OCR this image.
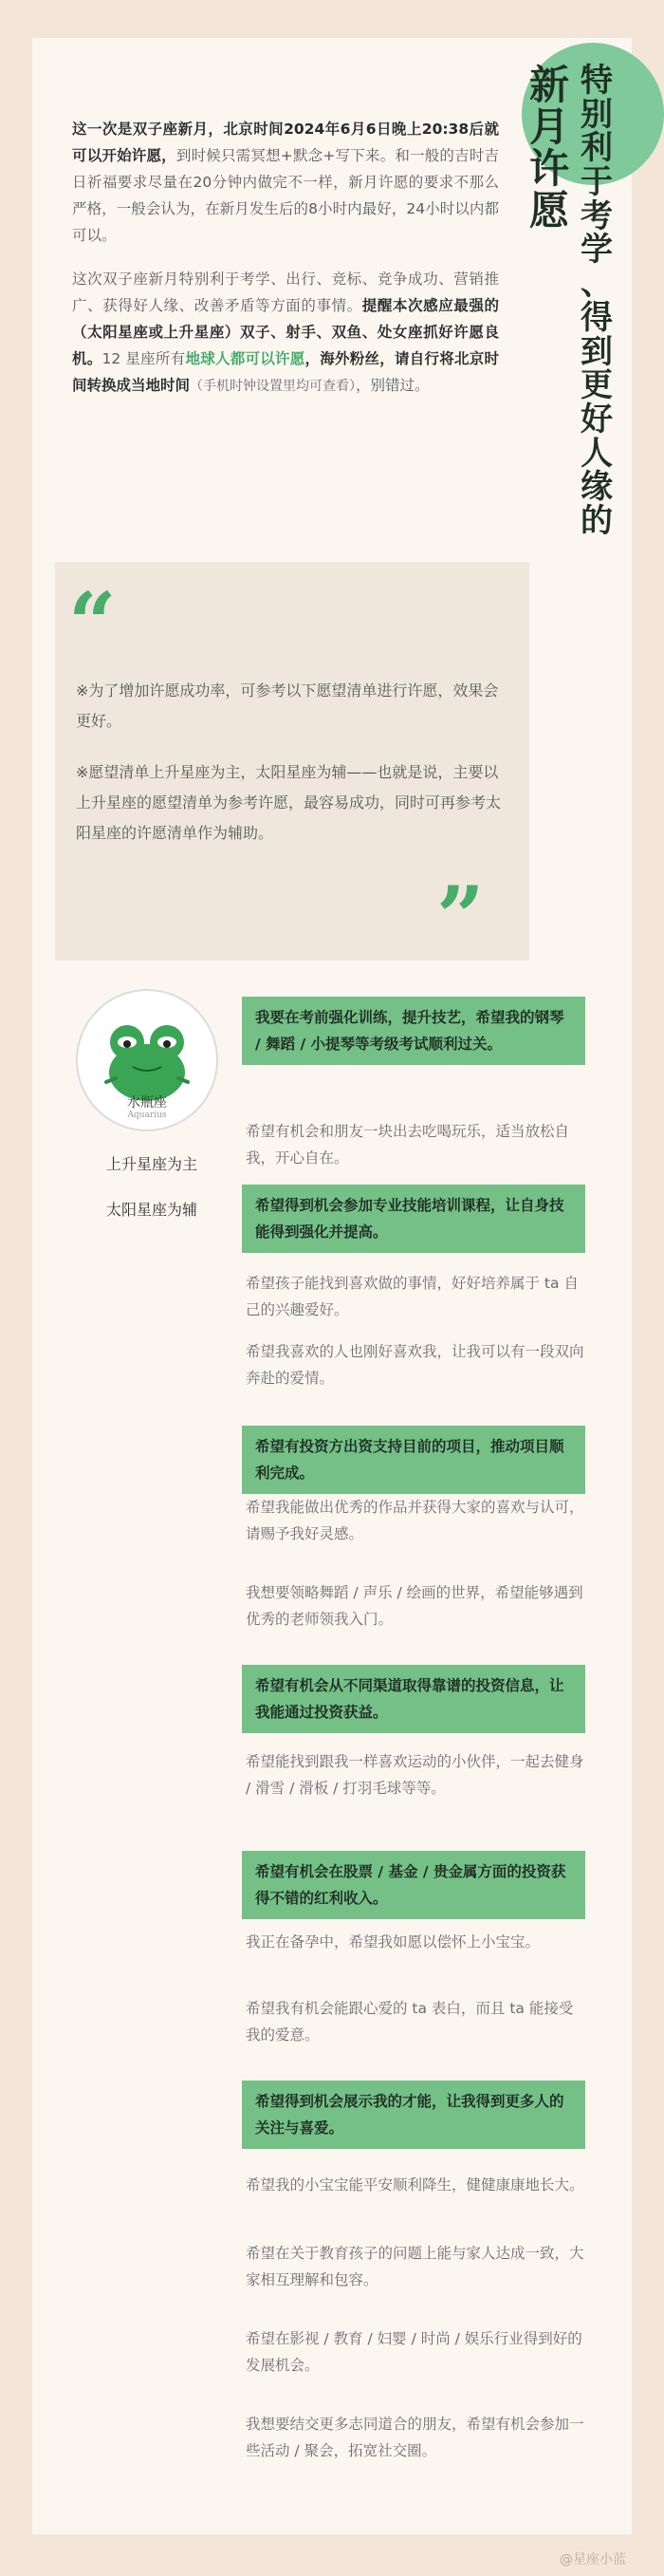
特
别
利
于
考
学
、
得
到
更
好
人
缘
的
新
月
许
愿

这一次是双子座新月，北京时间2024年6月6日晚上20:38后就可以开始许愿，到时候只需冥想+默念+写下来。和一般的吉时吉日祈福要求尽量在20分钟内做完不一样，新月许愿的要求不那么严格，一般会认为，在新月发生后的8小时内最好，24小时以内都可以。

这次双子座新月特别利于考学、出行、竞标、竞争成功、营销推广、获得好人缘、改善矛盾等方面的事情。提醒本次感应最强的（太阳星座或上升星座）双子、射手、双鱼、处女座抓好许愿良机。12 星座所有地球人都可以许愿，海外粉丝，请自行将北京时间转换成当地时间（手机时钟设置里均可查看），别错过。

“

※为了增加许愿成功率，可参考以下愿望清单进行许愿，效果会更好。

※愿望清单上升星座为主，太阳星座为辅——也就是说，主要以上升星座的愿望清单为参考许愿，最容易成功，同时可再参考太阳星座的许愿清单作为辅助。

”
水瓶座
Aquarius
上升星座为主
太阳星座为辅
我要在考前强化训练，提升技艺，希望我的钢琴 / 舞蹈 / 小提琴等考级考试顺利过关。
希望有机会和朋友一块出去吃喝玩乐，适当放松自我，开心自在。
希望得到机会参加专业技能培训课程，让自身技能得到强化并提高。
希望孩子能找到喜欢做的事情，好好培养属于 ta 自己的兴趣爱好。
希望我喜欢的人也刚好喜欢我，让我可以有一段双向奔赴的爱情。
希望有投资方出资支持目前的项目，推动项目顺利完成。
希望我能做出优秀的作品并获得大家的喜欢与认可，请赐予我好灵感。
我想要领略舞蹈 / 声乐 / 绘画的世界，希望能够遇到优秀的老师领我入门。
希望有机会从不同渠道取得靠谱的投资信息，让我能通过投资获益。
希望能找到跟我一样喜欢运动的小伙伴，一起去健身 / 滑雪 / 滑板 / 打羽毛球等等。
希望有机会在股票 / 基金 / 贵金属方面的投资获得不错的红利收入。
我正在备孕中，希望我如愿以偿怀上小宝宝。
希望我有机会能跟心爱的 ta 表白，而且 ta 能接受我的爱意。
希望得到机会展示我的才能，让我得到更多人的关注与喜爱。
希望我的小宝宝能平安顺利降生，健健康康地长大。
希望在关于教育孩子的问题上能与家人达成一致，大家相互理解和包容。
希望在影视 / 教育 / 妇婴 / 时尚 / 娱乐行业得到好的发展机会。
我想要结交更多志同道合的朋友，希望有机会参加一些活动 / 聚会，拓宽社交圈。
@星座小蓝
